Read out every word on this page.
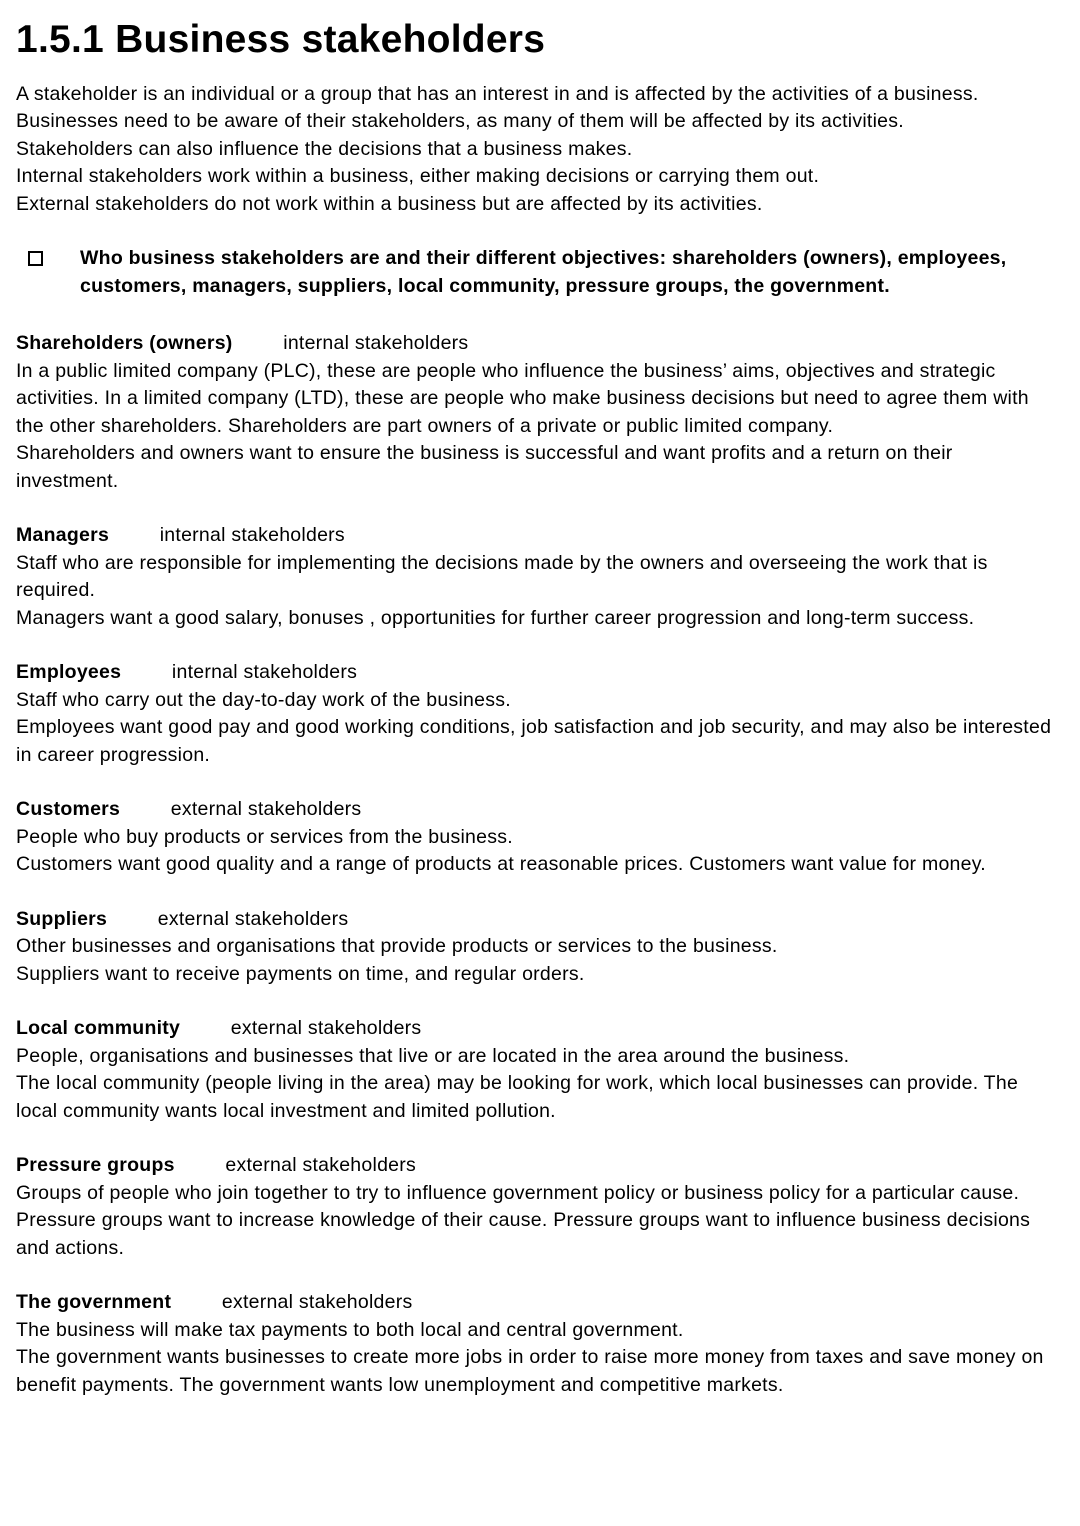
1.5.1 Business stakeholders

A stakeholder is an individual or a group that has an interest in and is affected by the activities of a business.

Businesses need to be aware of their stakeholders, as many of them will be affected by its activities.

Stakeholders can also influence the decisions that a business makes.

Internal stakeholders work within a business, either making decisions or carrying them out.

External stakeholders do not work within a business but are affected by its activities.

Who business stakeholders are and their different objectives: shareholders (owners), employees, customers, managers, suppliers, local community, pressure groups, the government.

Shareholders (owners)	internal stakeholders

In a public limited company (PLC), these are people who influence the business’ aims, objectives and strategic activities. In a limited company (LTD), these are people who make business decisions but need to agree them with the other shareholders. Shareholders are part owners of a private or public limited company.

Shareholders and owners want to ensure the business is successful and want profits and a return on their investment.

Managers	internal stakeholders

Staff who are responsible for implementing the decisions made by the owners and overseeing the work that is required.

Managers want a good salary, bonuses , opportunities for further career progression and long-term success.

Employees	internal stakeholders

Staff who carry out the day-to-day work of the business.

Employees want good pay and good working conditions, job satisfaction and job security, and may also be interested in career progression.

Customers	external stakeholders

People who buy products or services from the business.

Customers want good quality and a range of products at reasonable prices. Customers want value for money.

Suppliers	external stakeholders

Other businesses and organisations that provide products or services to the business.

Suppliers want to receive payments on time, and regular orders.

Local community	external stakeholders

People, organisations and businesses that live or are located in the area around the business.

The local community (people living in the area) may be looking for work, which local businesses can provide. The local community wants local investment and limited pollution.

Pressure groups	external stakeholders

Groups of people who join together to try to influence government policy or business policy for a particular cause.

Pressure groups want to increase knowledge of their cause. Pressure groups want to influence business decisions and actions.

The government	external stakeholders

The business will make tax payments to both local and central government.

The government wants businesses to create more jobs in order to raise more money from taxes and save money on benefit payments. The government wants low unemployment and competitive markets.
